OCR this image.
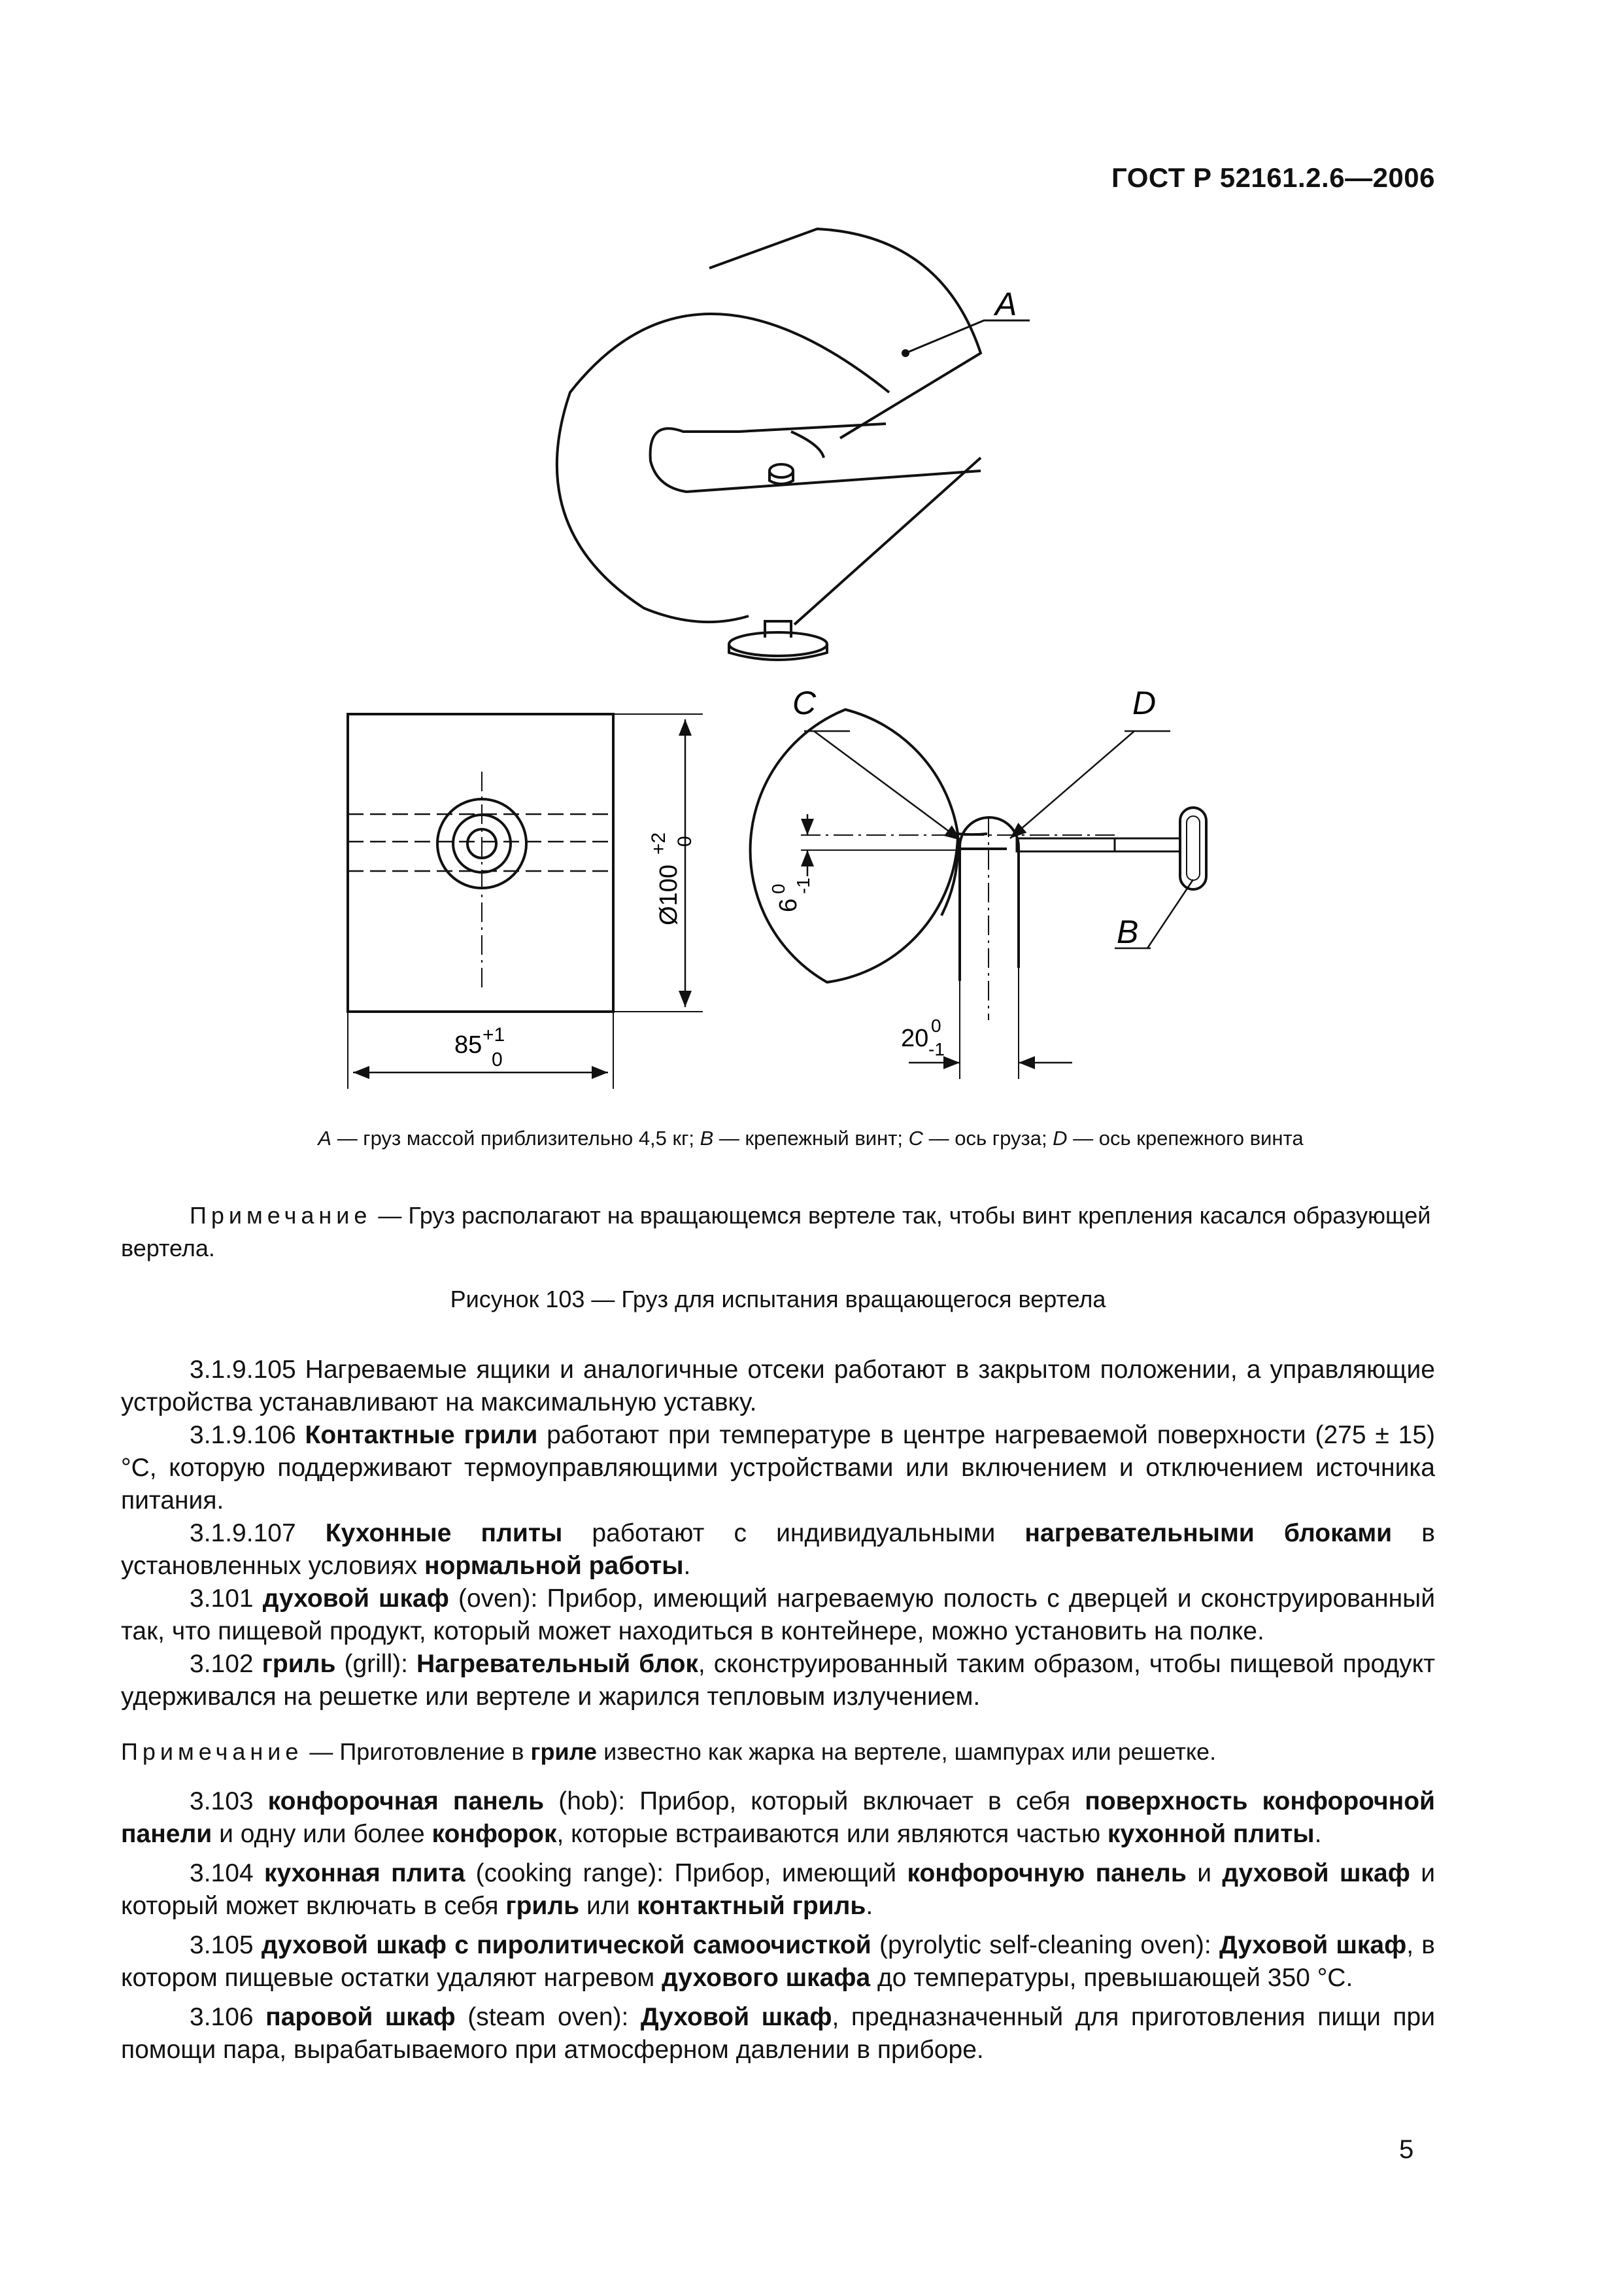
ГОСТ Р 52161.2.6—2006
A
Ø100
+2 0
85 +1
0
C	D
B
6
0 -1
20 0
-1
A — груз массой приблизительно 4,5 кг; B — крепежный винт; C — ось груза; D — ось крепежного винта
Примечание — Груз располагают на вращающемся вертеле так, чтобы винт крепления касался образующей вертела.
Рисунок 103 — Груз для испытания вращающегося вертела

3.1.9.105 Нагреваемые ящики и аналогичные отсеки работают в закрытом положении, а управляющие устройства устанавливают на максимальную уставку.

3.1.9.106 Контактные грили работают при температуре в центре нагреваемой поверхности (275 ± 15) °С, которую поддерживают термоуправляющими устройствами или включением и отключением источника питания.

3.1.9.107 Кухонные плиты работают с индивидуальными нагревательными блоками в установленных условиях нормальной работы.

3.101 духовой шкаф (oven): Прибор, имеющий нагреваемую полость с дверцей и сконструированный так, что пищевой продукт, который может находиться в контейнере, можно установить на полке.

3.102 гриль (grill): Нагревательный блок, сконструированный таким образом, чтобы пищевой продукт удерживался на решетке или вертеле и жарился тепловым излучением.

Примечание — Приготовление в гриле известно как жарка на вертеле, шампурах или решетке.

3.103 конфорочная панель (hob): Прибор, который включает в себя поверхность конфорочной панели и одну или более конфорок, которые встраиваются или являются частью кухонной плиты.

3.104 кухонная плита (cooking range): Прибор, имеющий конфорочную панель и духовой шкаф и который может включать в себя гриль или контактный гриль.

3.105 духовой шкаф с пиролитической самоочисткой (pyrolytic self-cleaning oven): Духовой шкаф, в котором пищевые остатки удаляют нагревом духового шкафа до температуры, превышающей 350 °С.

3.106 паровой шкаф (steam oven): Духовой шкаф, предназначенный для приготовления пищи при помощи пара, вырабатываемого при атмосферном давлении в приборе.

5
